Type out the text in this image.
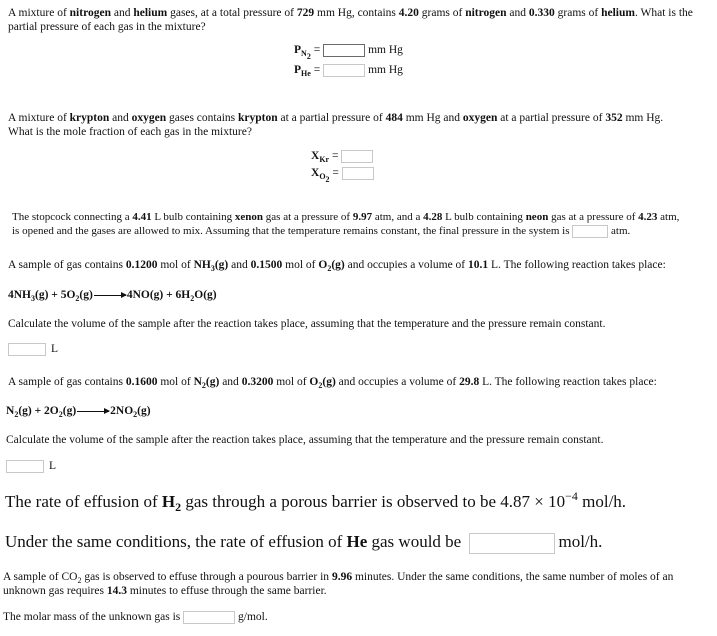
A mixture of nitrogen and helium gases, at a total pressure of 729 mm Hg, contains 4.20 grams of nitrogen and 0.330 grams of helium. What is the partial pressure of each gas in the mixture?

$P_{N_2}$ =	mm Hg
$P_{He}$ =	mm Hg

A mixture of krypton and oxygen gases contains krypton at a partial pressure of 484 mm Hg and oxygen at a partial pressure of 352 mm Hg.
What is the mole fraction of each gas in the mixture?

$X_{Kr}$ =
$X_{O_2}$ =

The stopcock connecting a 4.41 L bulb containing xenon gas at a pressure of 9.97 atm, and a 4.28 L bulb containing neon gas at a pressure of 4.23 atm,
is opened and the gases are allowed to mix. Assuming that the temperature remains constant, the final pressure in the system is	atm.

A sample of gas contains 0.1200 mol of $NH_3(g)$ and 0.1500 mol of $O_2(g)$ and occupies a volume of 10.1 L. The following reaction takes place:

$4NH_3(g) + 5O_2(g)\to 4NO(g) + 6H_2O(g)$
Calculate the volume of the sample after the reaction takes place, assuming that the temperature and the pressure remain constant.
L

A sample of gas contains 0.1600 mol of $N_2(g)$ and 0.3200 mol of $O_2(g)$ and occupies a volume of 29.8 L. The following reaction takes place:

$N_2(g) + 2O_2(g)\to 2NO_2(g)$
Calculate the volume of the sample after the reaction takes place, assuming that the temperature and the pressure remain constant.
L
The rate of effusion of $H_2$ gas through a porous barrier is observed to be $4.87 \times 10^{-4}$ mol/h.
Under the same conditions, the rate of effusion of He gas would be	mol/h.

A sample of $CO_2$ gas is observed to effuse through a pourous barrier in 9.96 minutes. Under the same conditions, the same number of moles of an
unknown gas requires 14.3 minutes to effuse through the same barrier.

The molar mass of the unknown gas is	g/mol.
